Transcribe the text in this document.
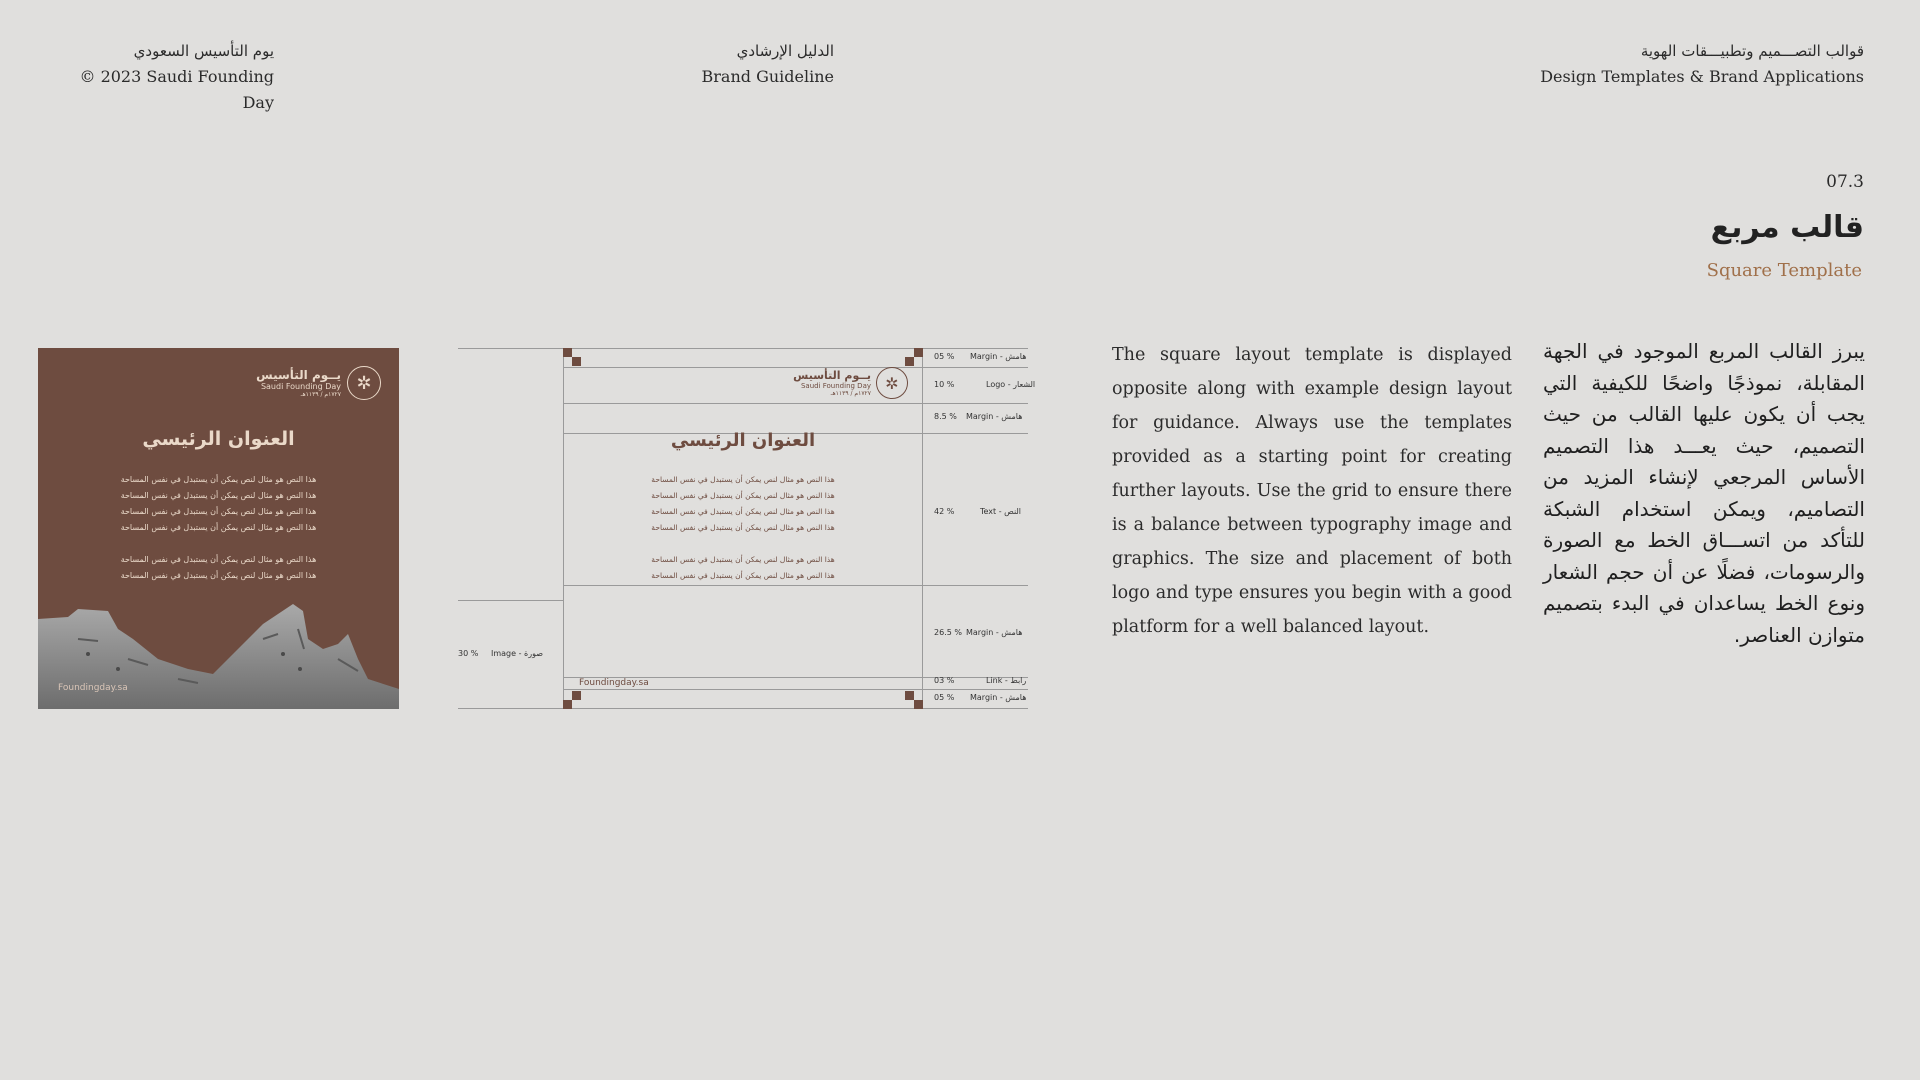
يوم التأسيس السعودي
© 2023 Saudi Founding Day
الدليل الإرشادي
Brand Guideline
قوالب التصـــميم وتطبيـــقات الهوية
Design Templates & Brand Applications
07.3
قالب مربع
Square Template
يــوم التأسيس
Saudi Founding Day
١٧٢٧م / ١١٣٩هـ
✲
العنوان الرئيسي
هذا النص هو مثال لنص يمكن أن يستبدل في نفس المساحة
هذا النص هو مثال لنص يمكن أن يستبدل في نفس المساحة
هذا النص هو مثال لنص يمكن أن يستبدل في نفس المساحة
هذا النص هو مثال لنص يمكن أن يستبدل في نفس المساحة
هذا النص هو مثال لنص يمكن أن يستبدل في نفس المساحة
هذا النص هو مثال لنص يمكن أن يستبدل في نفس المساحة
Foundingday.sa
يــوم التأسيس
Saudi Founding Day
١٧٢٧م / ١١٣٩هـ
✲
العنوان الرئيسي
هذا النص هو مثال لنص يمكن أن يستبدل في نفس المساحة
هذا النص هو مثال لنص يمكن أن يستبدل في نفس المساحة
هذا النص هو مثال لنص يمكن أن يستبدل في نفس المساحة
هذا النص هو مثال لنص يمكن أن يستبدل في نفس المساحة
هذا النص هو مثال لنص يمكن أن يستبدل في نفس المساحة
هذا النص هو مثال لنص يمكن أن يستبدل في نفس المساحة
Foundingday.sa
05 % Margin - هامش
10 %	Logo - الشعار
8.5 % Margin - هامش
42 %	Text - النص
26.5 % Margin - هامش
30 % Image - صورة
03 %	Link - رابط
05 % Margin - هامش
The square layout template is displayed opposite along with example design layout for guidance. Always use the templates provided as a starting point for creating further layouts. Use the grid to ensure there is a balance between typography image and graphics. The size and placement of both logo and type ensures you begin with a good platform for a well balanced layout.
يبرز القالب المربع الموجود في الجهة المقابلة، نموذجًا واضحًا للكيفية التي يجب أن يكون عليها القالب من حيث التصميم، حيث يعـــد هذا التصميم الأساس المرجعي لإنشاء المزيد من التصاميم، ويمكن استخدام الشبكة للتأكد من اتســـاق الخط مع الصورة والرسومات، فضلًا عن أن حجم الشعار ونوع الخط يساعدان في البدء بتصميم متوازن العناصر.
